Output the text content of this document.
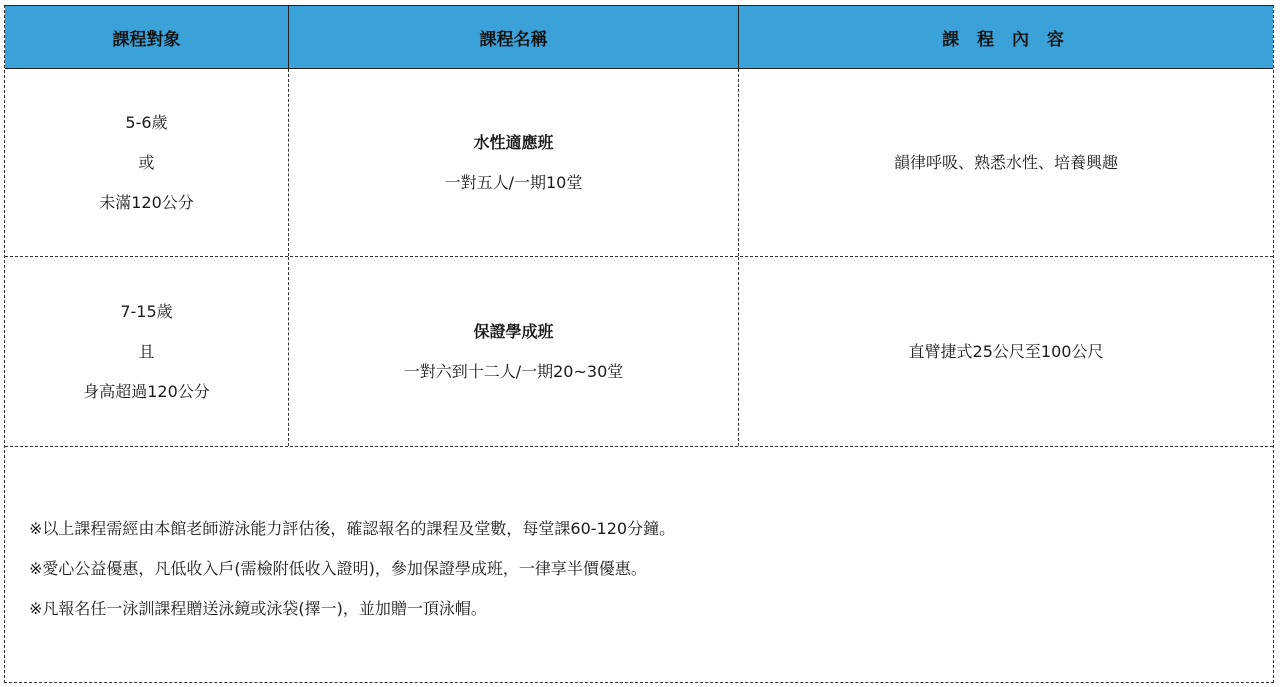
課程對象	課程名稱	課 程 內 容
5-6歲
或
未滿120公分
水性適應班
一對五人/一期10堂
韻律呼吸、熟悉水性、培養興趣
7-15歲
且
身高超過120公分
保證學成班
一對六到十二人/一期20~30堂
直臂捷式25公尺至100公尺
※以上課程需經由本館老師游泳能力評估後，確認報名的課程及堂數，每堂課60-120分鐘。
※愛心公益優惠，凡低收入戶(需檢附低收入證明)，參加保證學成班，一律享半價優惠。
※凡報名任一泳訓課程贈送泳鏡或泳袋(擇一)，並加贈一頂泳帽。
